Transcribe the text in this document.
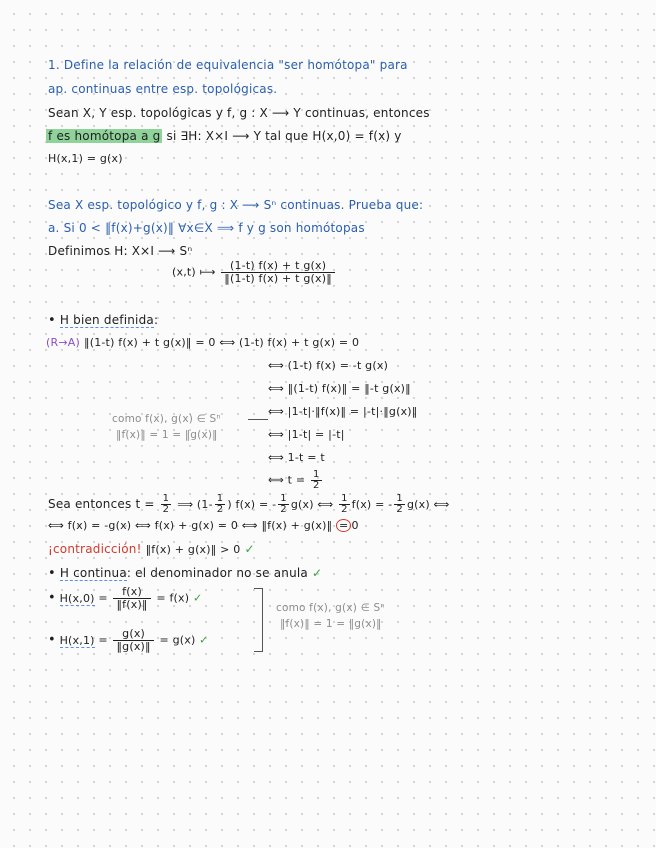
1. Define la relación de equivalencia "ser homótopa" para
ap. continuas entre esp. topológicas.
Sean X, Y esp. topológicas y f, g : X ⟶ Y continuas, entonces
f es homótopa a g si ∃H: X×I ⟶ Y tal que H(x,0) = f(x) y
H(x,1) = g(x)
Sea X esp. topológico y f, g : X ⟶ Sⁿ continuas. Prueba que:
a. Si 0 < ‖f(x)+g(x)‖ ∀x∈X ⟹ f y g son homótopas
Definimos H: X×I ⟶ Sⁿ
(x,t) ⟼ $\frac{\text{(1-t) f(x) + t g(x)}}{\text{‖(1-t) f(x) + t g(x)‖}}$
• H bien definida:
(R→A) ‖(1-t) f(x) + t g(x)‖ = 0 ⟺ (1-t) f(x) + t g(x) = 0
⟺ (1-t) f(x) = -t g(x)
⟺ ‖(1-t) f(x)‖ = ‖-t g(x)‖
⟺ |1-t|·‖f(x)‖ = |-t|·‖g(x)‖
⟺ |1-t| = |-t|
⟺ 1-t = t
⟺ $t = \frac{1}{2}$
como f(x), g(x) ∈ Sⁿ
‖f(x)‖ = 1 = ‖g(x)‖
Sea entonces $t = \frac{1}{2}$ ⟹ ($1- \frac{1}{2}$ ) f(x) = - $\frac{1}{2} g(x)$ ⟺ $\frac{1}{2} f(x)$ = - $\frac{1}{2} g(x)$ ⟺
⟺ f(x) = -g(x) ⟺ f(x) + g(x) = 0 ⟺ ‖f(x) + g(x)‖ = 0
¡contradicción! ‖f(x) + g(x)‖ > 0 ✓
• H continua: el denominador no se anula ✓
• $H(x,0) = \frac{f(x)}{‖f(x)‖} = f(x)$ ✓
• $H(x,1) = \frac{g(x)}{‖g(x)‖} = g(x)$ ✓
como f(x), g(x) ∈ Sⁿ
‖f(x)‖ = 1 = ‖g(x)‖
